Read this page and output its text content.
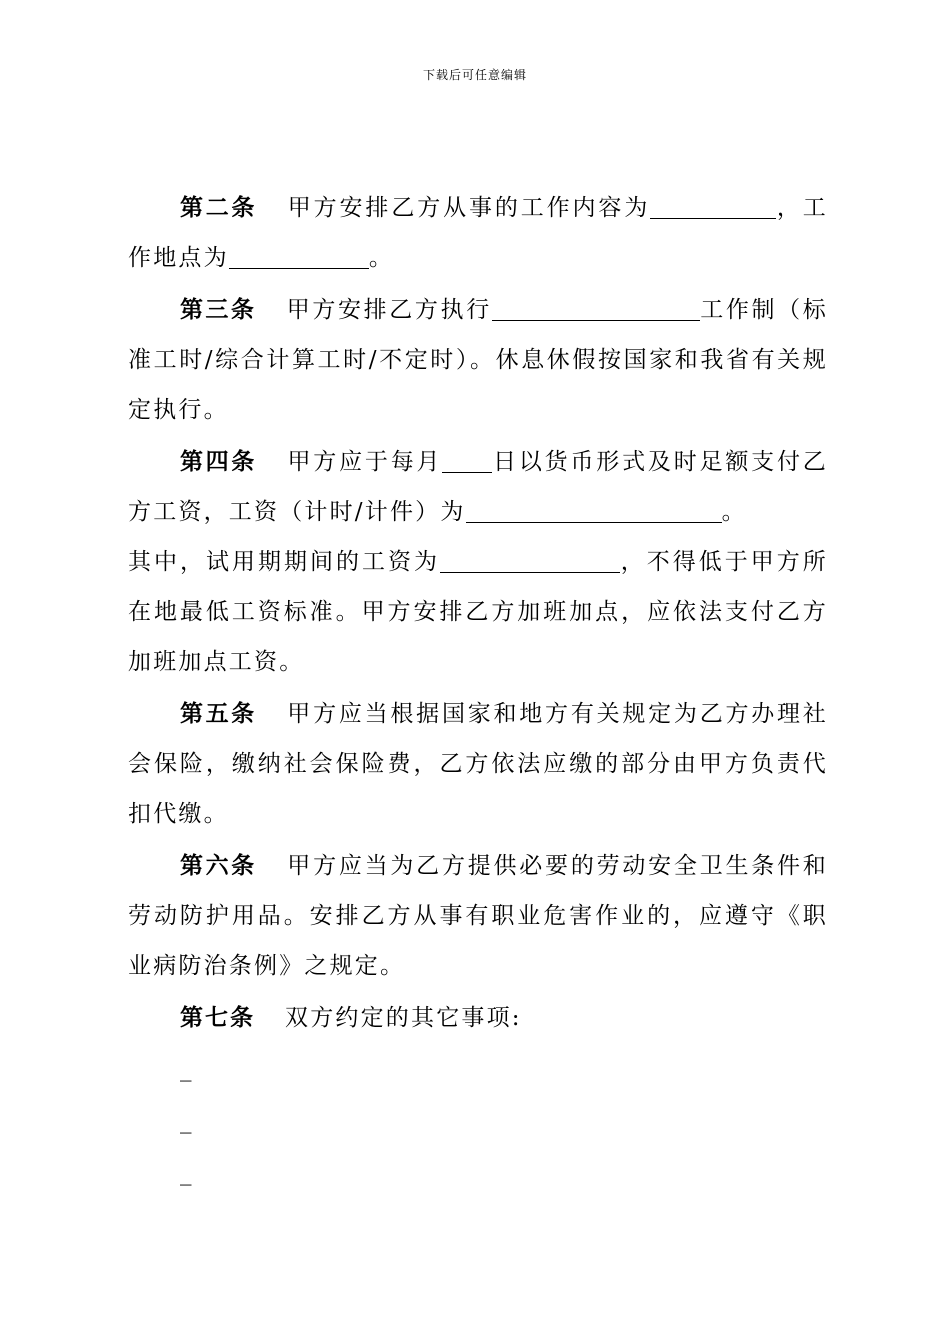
下载后可任意编辑

第二条 甲方安排乙方从事的工作内容为	，工作地点为	。

第三条 甲方安排乙方执行	工作制（标准工时/综合计算工时/不定时）。休息休假按国家和我省有关规定执行。

第四条 甲方应于每月 日以货币形式及时足额支付乙方工资，工资（计时/计件）为	。

其中，试用期期间的工资为	，不得低于甲方所在地最低工资标准。甲方安排乙方加班加点，应依法支付乙方加班加点工资。

第五条 甲方应当根据国家和地方有关规定为乙方办理社会保险，缴纳社会保险费，乙方依法应缴的部分由甲方负责代扣代缴。

第六条 甲方应当为乙方提供必要的劳动安全卫生条件和劳动防护用品。安排乙方从事有职业危害作业的，应遵守《职业病防治条例》之规定。

第七条 双方约定的其它事项:

_
_
_
